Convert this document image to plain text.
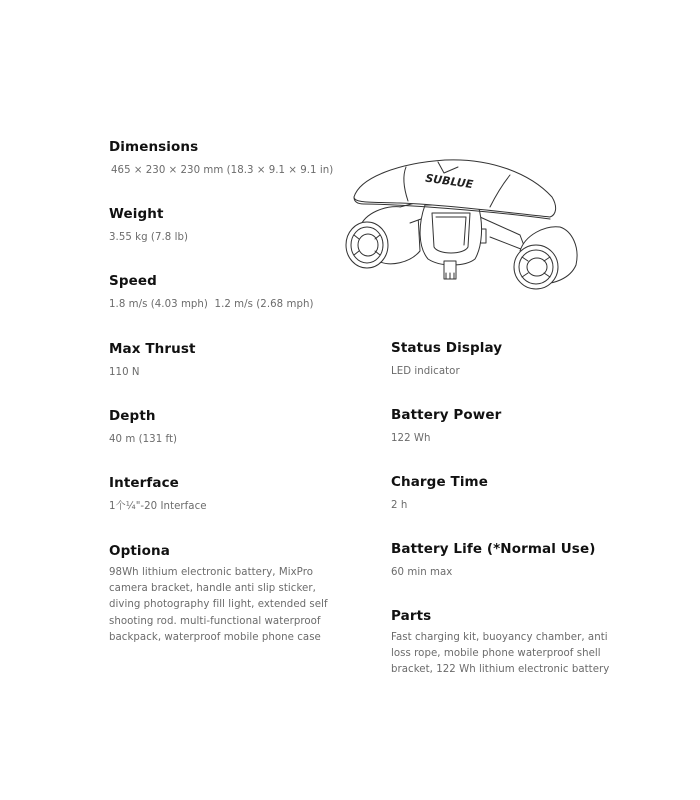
Dimensions
465 × 230 × 230 mm (18.3 × 9.1 × 9.1 in)
Weight
3.55 kg (7.8 lb)
Speed
1.8 m/s (4.03 mph)  1.2 m/s (2.68 mph)
Max Thrust
110 N
Depth
40 m (131 ft)
Interface
1个¼"-20 Interface
Optiona
98Wh lithium electronic battery, MixPro camera bracket, handle anti slip sticker, diving photography fill light, extended self shooting rod. multi-functional waterproof backpack, waterproof mobile phone case
Status Display
LED indicator
Battery Power
122 Wh
Charge Time
2 h
Battery Life (*Normal Use)
60 min max
Parts
Fast charging kit, buoyancy chamber, anti loss rope, mobile phone waterproof shell bracket, 122 Wh lithium electronic battery
SUBLUE
